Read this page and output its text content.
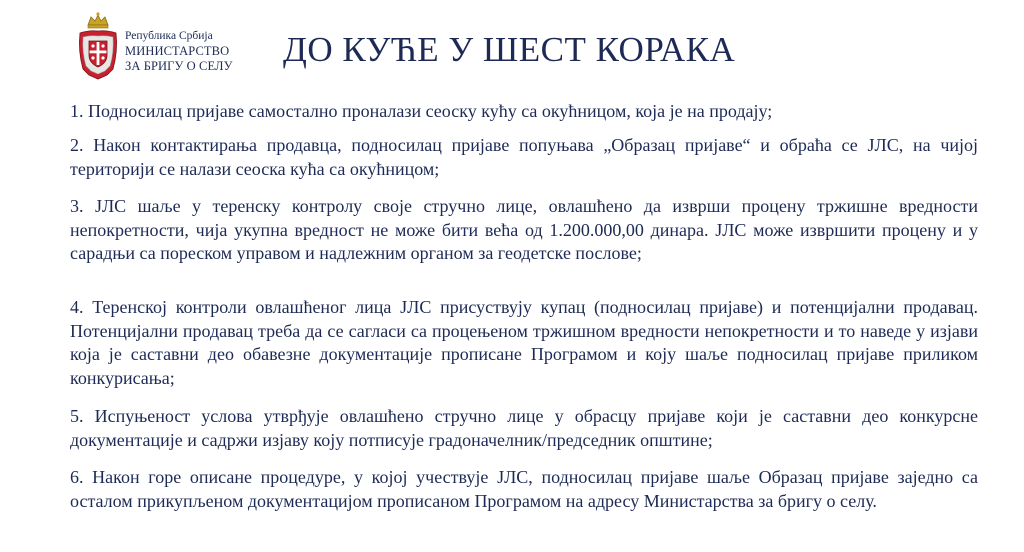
Република Србија
МИНИСТАРСТВО
ЗА БРИГУ О СЕЛУ ДО КУЋЕ У ШЕСТ КОРАКА

1. Подносилац пријаве самостално проналази сеоску кућу са окућницом, која је на продају;

2. Након контактирања продавца, подносилац пријаве попуњава „Образац пријаве“ и обраћа се ЈЛС, на чијој територији се налази сеоска кућа са окућницом;

3. ЈЛС шаље у теренску контролу своје стручно лице, овлашћено да изврши процену тржишне вредности непокретности, чија укупна вредност не може бити већа од 1.200.000,00 динара. ЈЛС може извршити процену и у сарадњи са пореском управом и надлежним органом за геодетске послове;

4. Теренској контроли овлашћеног лица ЈЛС присуствују купац (подносилац пријаве) и потенцијални продавац. Потенцијални продавац треба да се сагласи са процењеном тржишном вредности непокретности и то наведе у изјави која је саставни део обавезне документације прописане Програмом и коју шаље подносилац пријаве приликом конкурисања;

5. Испуњеност услова утврђује овлашћено стручно лице у обрасцу пријаве који је саставни део конкурсне документације и садржи изјаву коју потписује градоначелник/председник општине;

6. Након горе описане процедуре, у којој учествује ЈЛС, подносилац пријаве шаље Образац пријаве заједно са осталом прикупљеном документацијом прописаном Програмом на адресу Министарства за бригу о селу.
